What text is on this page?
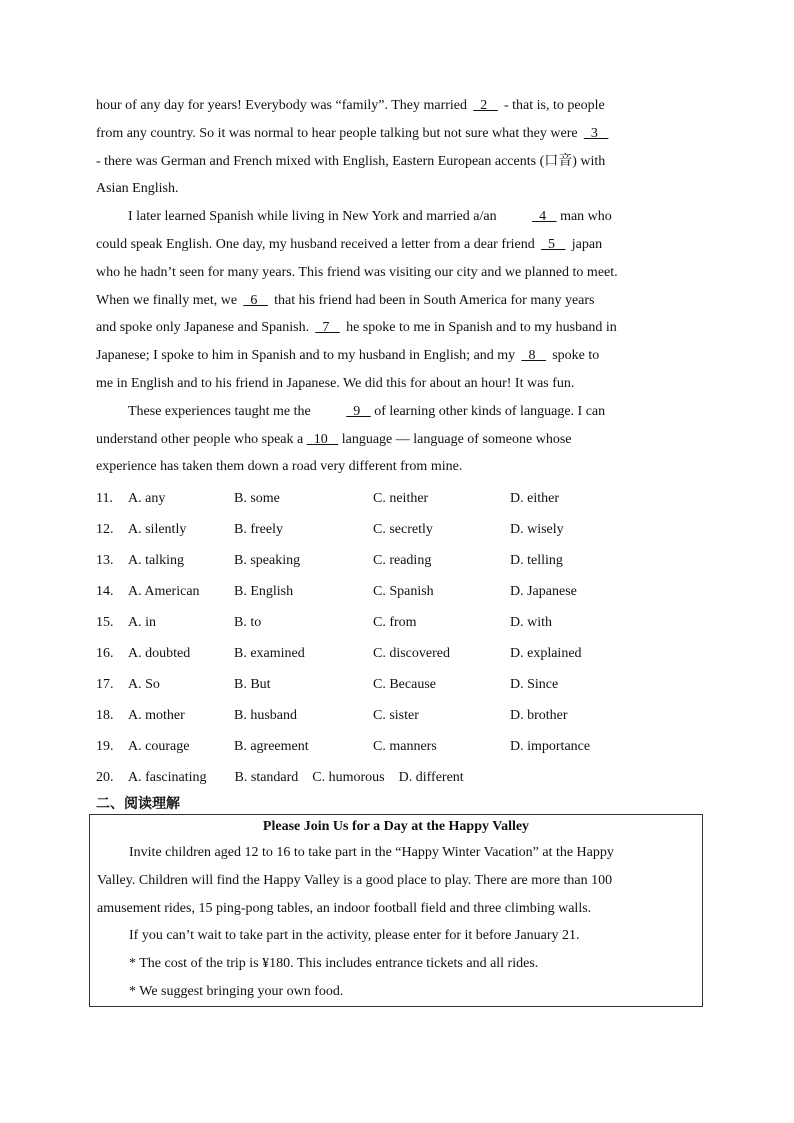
hour of any day for years! Everybody was “family”. They married   2    - that is, to people

from any country. So it was normal to hear people talking but not sure what they were   3

- there was German and French mixed with English, Eastern European accents (口音) with

Asian English.

I later learned Spanish while living in New York and married a/an   4    man who

could speak English. One day, my husband received a letter from a dear friend   5    japan

who he hadn’t seen for many years. This friend was visiting our city and we planned to meet.

When we finally met, we   6    that his friend had been in South America for many years

and spoke only Japanese and Spanish.   7    he spoke to me in Spanish and to my husband in

Japanese; I spoke to him in Spanish and to my husband in English; and my   8    spoke to

me in English and to his friend in Japanese. We did this for about an hour! It was fun.

These experiences taught me the   9    of learning other kinds of language. I can

understand other people who speak a   10    language — language of someone whose

experience has taken them down a road very different from mine.

11.	A. any	B. some	C. neither	D. either
12.	A. silently	B. freely	C. secretly	D. wisely
13.	A. talking	B. speaking	C. reading	D. telling
14.	A. American	B. English	C. Spanish	D. Japanese
15.	A. in	B. to	C. from	D. with
16.	A. doubted	B. examined	C. discovered	D. explained
17.	A. So	B. But	C. Because	D. Since
18.	A. mother	B. husband	C. sister	D. brother
19.	A. courage	B. agreement	C. manners	D. importance
20.	A. fascinating B. standard C. humorous D. different

二、阅读理解

Please Join Us for a Day at the Happy Valley

Invite children aged 12 to 16 to take part in the “Happy Winter Vacation” at the Happy

Valley. Children will find the Happy Valley is a good place to play. There are more than 100

amusement rides, 15 ping-pong tables, an indoor football field and three climbing walls.

If you can’t wait to take part in the activity, please enter for it before January 21.

* The cost of the trip is ¥180. This includes entrance tickets and all rides.

* We suggest bringing your own food.
